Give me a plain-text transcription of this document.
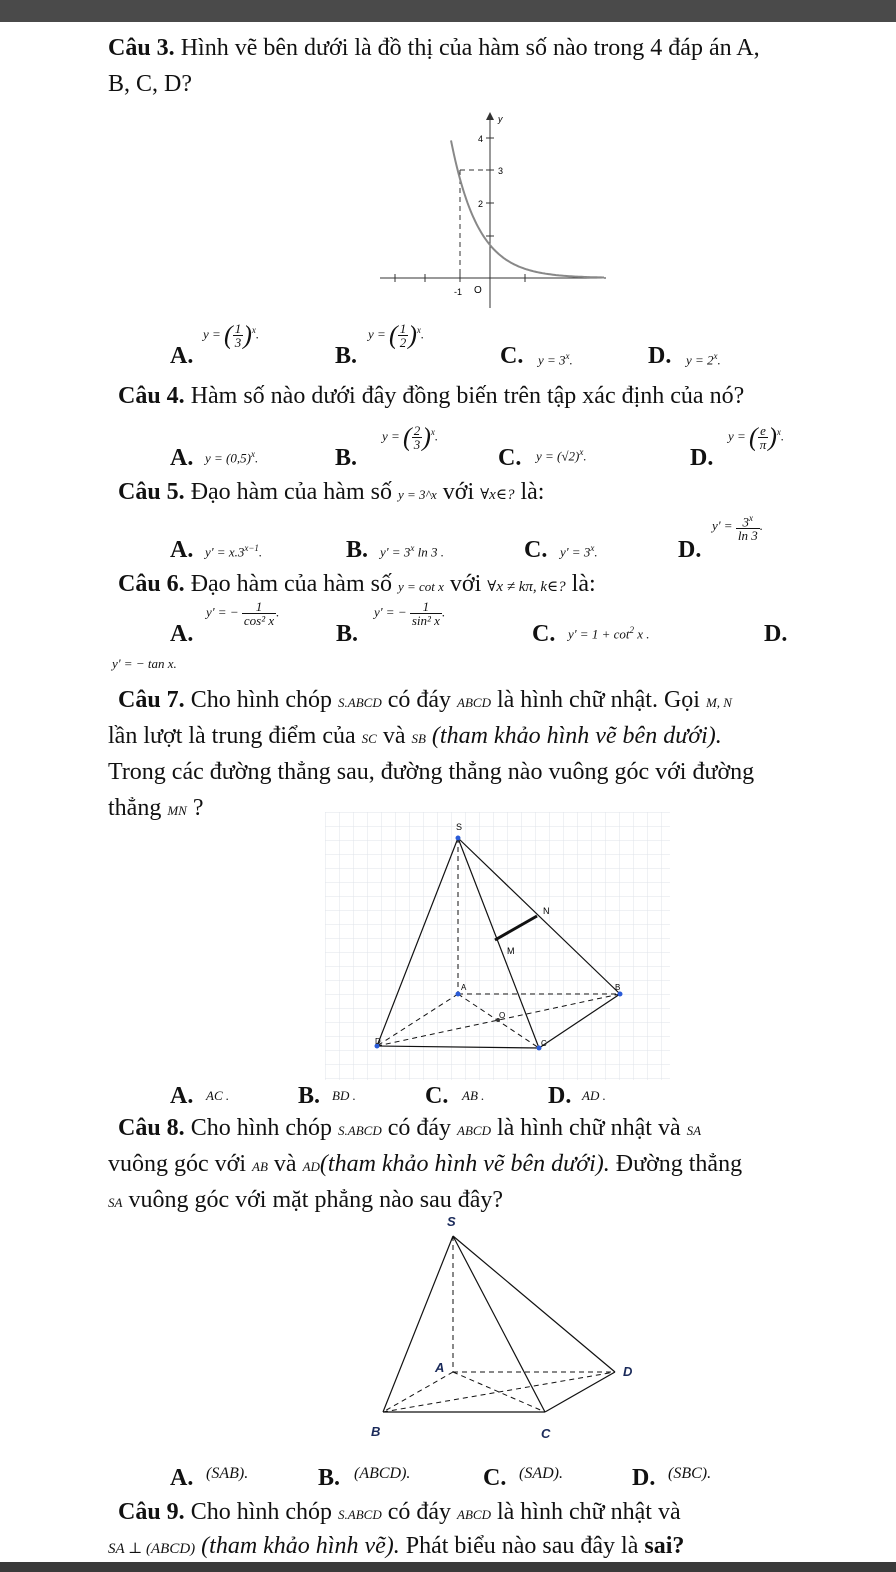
Câu 3. Hình vẽ bên dưới là đồ thị của hàm số nào trong 4 đáp án A,
B, C, D?
y
4
3
2
-1 O
A.
y = ( $\frac{1}{3} )^x$.
B.
y = ( $\frac{1}{2} )^x$.
C. $y = 3^x$.	D. $y = 2^x$.
Câu 4. Hàm số nào dưới đây đồng biến trên tập xác định của nó?
A. $y = (0,5)^x$.	B.
y = ( $\frac{2}{3} )^x$.
C. $y = (√2)^x$.	D.
y = ( $\frac{e}{\pi} )^x$.
Câu 5. Đạo hàm của hàm số y = 3^x với ∀x∈? là:
A. $y' = x.3^{x-1}$.	B. $y' = 3^x$ ln 3 .	C. $y' = 3^x$.	D.
$y' = \frac{3^x}{\ln 3}$ .
Câu 6. Đạo hàm của hàm số y = cot x với ∀x ≠ kπ, k∈? là:
A.
y' = − $\frac{1}{\text{cos² x}}$ .
B.
y' = − $\frac{1}{\text{sin² x}}$ .
C. $y' = 1 + \cot^2 x$ .	D.
y' = − tan x.
Câu 7. Cho hình chóp S.ABCD có đáy ABCD là hình chữ nhật. Gọi M, N
lần lượt là trung điểm của SC và SB (tham khảo hình vẽ bên dưới).
Trong các đường thẳng sau, đường thẳng nào vuông góc với đường
thẳng MN ?
S
N
M
A	B
O
D	C
A. AC .	B. BD .	C. AB .	D. AD .
Câu 8. Cho hình chóp S.ABCD có đáy ABCD là hình chữ nhật và SA
vuông góc với AB và AD(tham khảo hình vẽ bên dưới). Đường thẳng
SA vuông góc với mặt phẳng nào sau đây?
S
A	D
B	C
A. (SAB).	B. (ABCD).	C. (SAD).	D. (SBC).
Câu 9. Cho hình chóp S.ABCD có đáy ABCD là hình chữ nhật và
SA ⊥ (ABCD) (tham khảo hình vẽ). Phát biểu nào sau đây là sai?
